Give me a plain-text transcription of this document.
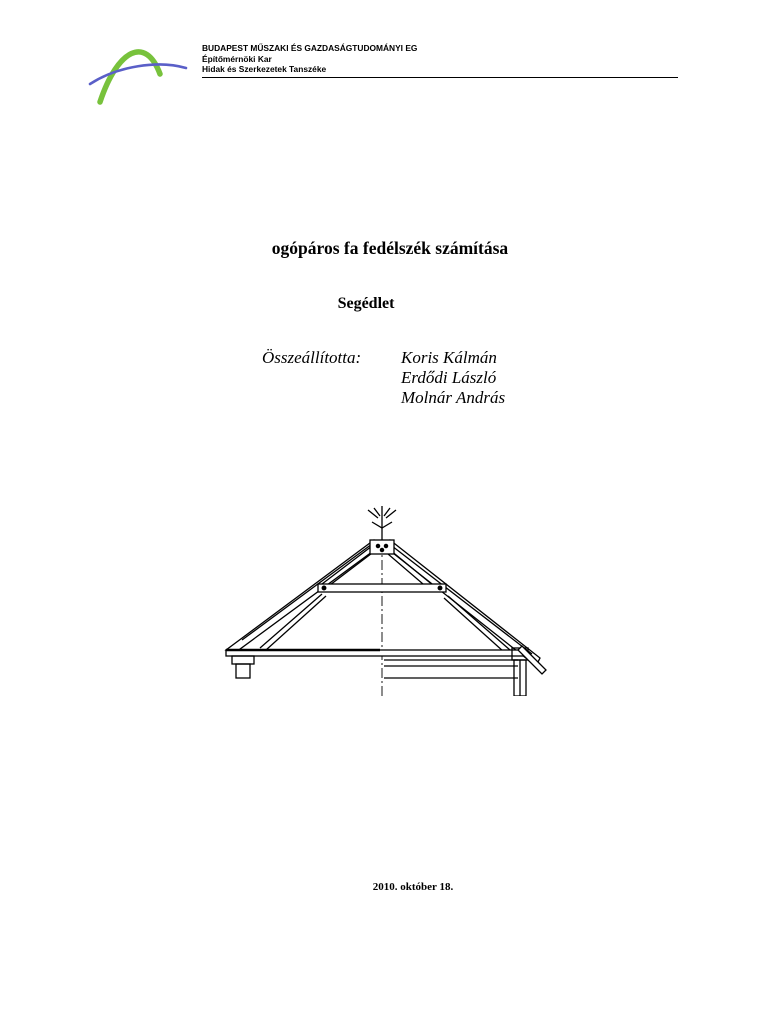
BUDAPEST MŰSZAKI ÉS GAZDASÁGTUDOMÁNYI EG
Építőmérnöki Kar
Hidak és Szerkezetek Tanszéke
ogópáros fa fedélszék számítása
Segédlet
Összeállította: Koris Kálmán
Erdődi László
Molnár András
2010. október 18.
